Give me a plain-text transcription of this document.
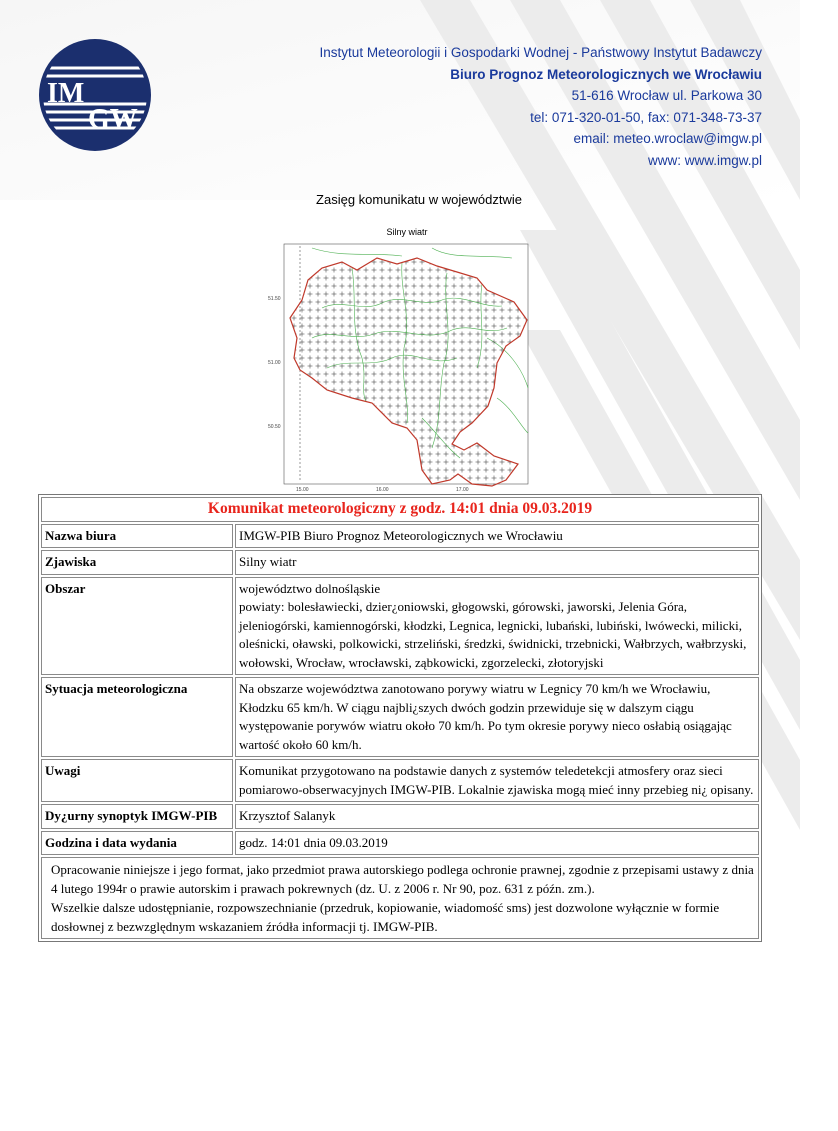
IM
GW
Instytut Meteorologii i Gospodarki Wodnej - Państwowy Instytut Badawczy
Biuro Prognoz Meteorologicznych we Wrocławiu
51-616 Wrocław ul. Parkowa 30
tel: 071-320-01-50, fax: 071-348-73-37
email: meteo.wroclaw@imgw.pl
www: www.imgw.pl
Zasięg komunikatu w województwie
51.50
51.00
50.50
15.00	16.00	17.00
Silny wiatr
Komunikat meteorologiczny z godz. 14:01 dnia 09.03.2019	
Nazwa biura	IMGW-PIB Biuro Prognoz Meteorologicznych we Wrocławiu
Zjawiska	Silny wiatr
Obszar	województwo dolnośląskie
powiaty: bolesławiecki, dzier¿oniowski, głogowski, górowski, jaworski, Jelenia Góra, jeleniogórski, kamiennogórski, kłodzki, Legnica, legnicki, lubański, lubiński, lwówecki, milicki, oleśnicki, oławski, polkowicki, strzeliński, średzki, świdnicki, trzebnicki, Wałbrzych, wałbrzyski, wołowski, Wrocław, wrocławski, ząbkowicki, zgorzelecki, złotoryjski

Sytuacja meteorologiczna	Na obszarze województwa zanotowano porywy wiatru w Legnicy 70 km/h we Wrocławiu, Kłodzku 65 km/h. W ciągu najbli¿szych dwóch godzin przewiduje się w dalszym ciągu występowanie porywów wiatru około 70 km/h. Po tym okresie porywy nieco osłabią osiągając wartość około 60 km/h.
Uwagi	Komunikat przygotowano na podstawie danych z systemów teledetekcji atmosfery oraz sieci pomiarowo-obserwacyjnych IMGW-PIB. Lokalnie zjawiska mogą mieć inny przebieg ni¿ opisany.
Dy¿urny synoptyk IMGW-PIB	Krzysztof Salanyk
Godzina i data wydania	godz. 14:01 dnia 09.03.2019

Opracowanie niniejsze i jego format, jako przedmiot prawa autorskiego podlega ochronie prawnej, zgodnie z przepisami ustawy z dnia 4 lutego 1994r o prawie autorskim i prawach pokrewnych (dz. U. z 2006 r. Nr 90, poz. 631 z późn. zm.).
Wszelkie dalsze udostępnianie, rozpowszechnianie (przedruk, kopiowanie, wiadomość sms) jest dozwolone wyłącznie w formie dosłownej z bezwzględnym wskazaniem źródła informacji tj. IMGW-PIB.	
